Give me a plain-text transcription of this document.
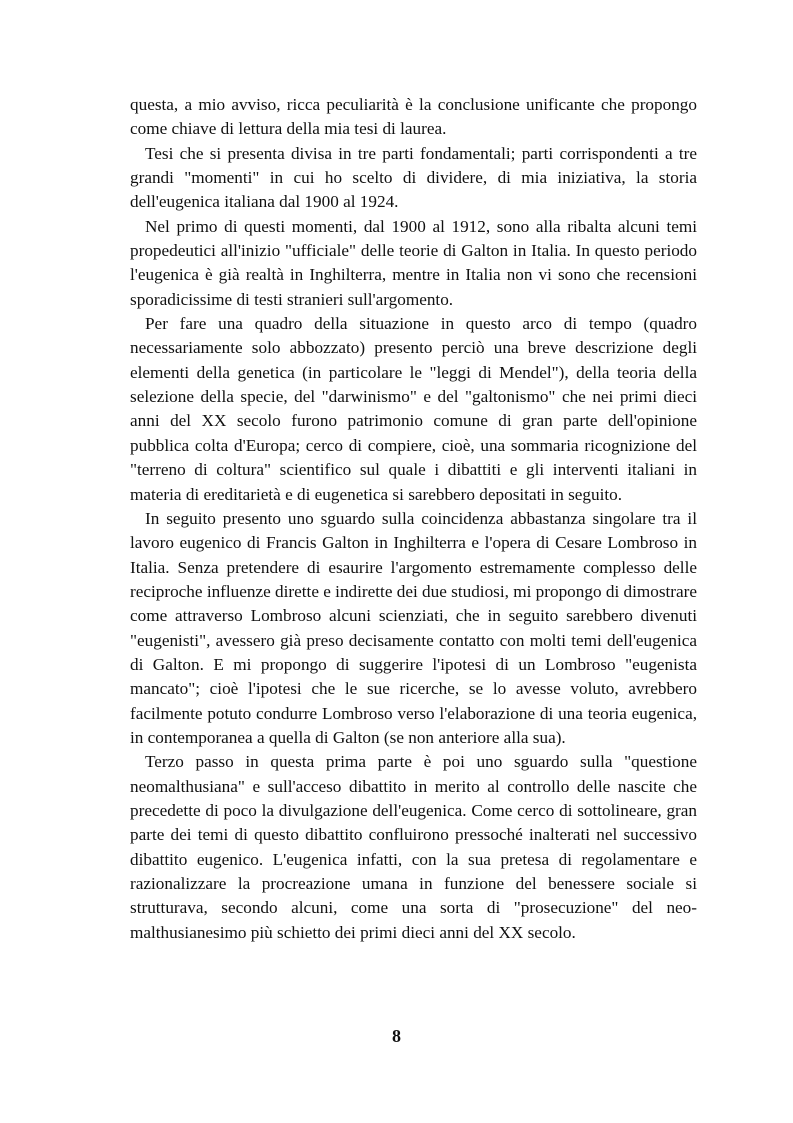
questa, a mio avviso, ricca peculiarità è la conclusione unificante che propongo come chiave di lettura della mia tesi di laurea.

Tesi che si presenta divisa in tre parti fondamentali; parti corrispondenti a tre grandi "momenti" in cui ho scelto di dividere, di mia iniziativa, la storia dell'eugenica italiana dal 1900 al 1924.

Nel primo di questi momenti, dal 1900 al 1912, sono alla ribalta alcuni temi propedeutici all'inizio "ufficiale" delle teorie di Galton in Italia. In questo periodo l'eugenica è già realtà in Inghilterra, mentre in Italia non vi sono che recensioni sporadicissime di testi stranieri sull'argomento.

Per fare una quadro della situazione in questo arco di tempo (quadro necessariamente solo abbozzato) presento perciò una breve descrizione degli elementi della genetica (in particolare le "leggi di Mendel"), della teoria della selezione della specie, del "darwinismo" e del "galtonismo" che nei primi dieci anni del XX secolo furono patrimonio comune di gran parte dell'opinione pubblica colta d'Europa; cerco di compiere, cioè, una sommaria ricognizione del "terreno di coltura" scientifico sul quale i dibattiti e gli interventi italiani in materia di ereditarietà e di eugenetica si sarebbero depositati in seguito.

In seguito presento uno sguardo sulla coincidenza abbastanza singolare tra il lavoro eugenico di Francis Galton in Inghilterra e l'opera di Cesare Lombroso in Italia. Senza pretendere di esaurire l'argomento estremamente complesso delle reciproche influenze dirette e indirette dei due studiosi, mi propongo di dimostrare come attraverso Lombroso alcuni scienziati, che in seguito sarebbero divenuti "eugenisti", avessero già preso decisamente contatto con molti temi dell'eugenica di Galton. E mi propongo di suggerire l'ipotesi di un Lombroso "eugenista mancato"; cioè l'ipotesi che le sue ricerche, se lo avesse voluto, avrebbero facilmente potuto condurre Lombroso verso l'elaborazione di una teoria eugenica, in contemporanea a quella di Galton (se non anteriore alla sua).

Terzo passo in questa prima parte è poi uno sguardo sulla "questione neomalthusiana" e sull'acceso dibattito in merito al controllo delle nascite che precedette di poco la divulgazione dell'eugenica. Come cerco di sottolineare, gran parte dei temi di questo dibattito confluirono pressoché inalterati nel successivo dibattito eugenico. L'eugenica infatti, con la sua pretesa di regolamentare e razionalizzare la procreazione umana in funzione del benessere sociale si strutturava, secondo alcuni, come una sorta di "prosecuzione" del neo-malthusianesimo più schietto dei primi dieci anni del XX secolo.

8
